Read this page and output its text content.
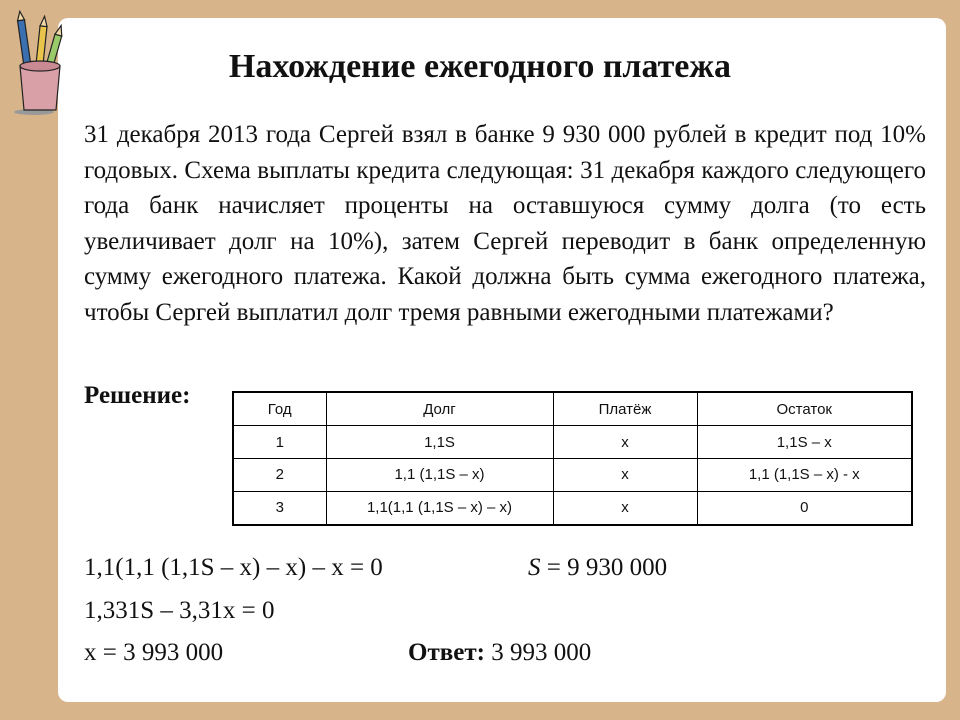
Нахождение ежегодного платежа
31 декабря 2013 года Сергей взял в банке 9 930 000 рублей в кредит под 10% годовых. Схема выплаты кредита следующая: 31 декабря каждого следующего года банк начисляет проценты на оставшуюся сумму долга (то есть увеличивает долг на 10%), затем Сергей переводит в банк определенную сумму ежегодного платежа. Какой должна быть сумма ежегодного платежа, чтобы Сергей выплатил долг тремя равными ежегодными платежами?
Решение:
Год	Долг	Платёж	Остаток
1	1,1S	x	1,1S – x
2	1,1 (1,1S – x)	x	1,1 (1,1S – x) - x
3	1,1(1,1 (1,1S – x) – x)	x	0
1,1(1,1 (1,1S – x) – x) – x = 0	S = 9 930 000
1,331S – 3,31x = 0
x = 3 993 000	Ответ: 3 993 000
